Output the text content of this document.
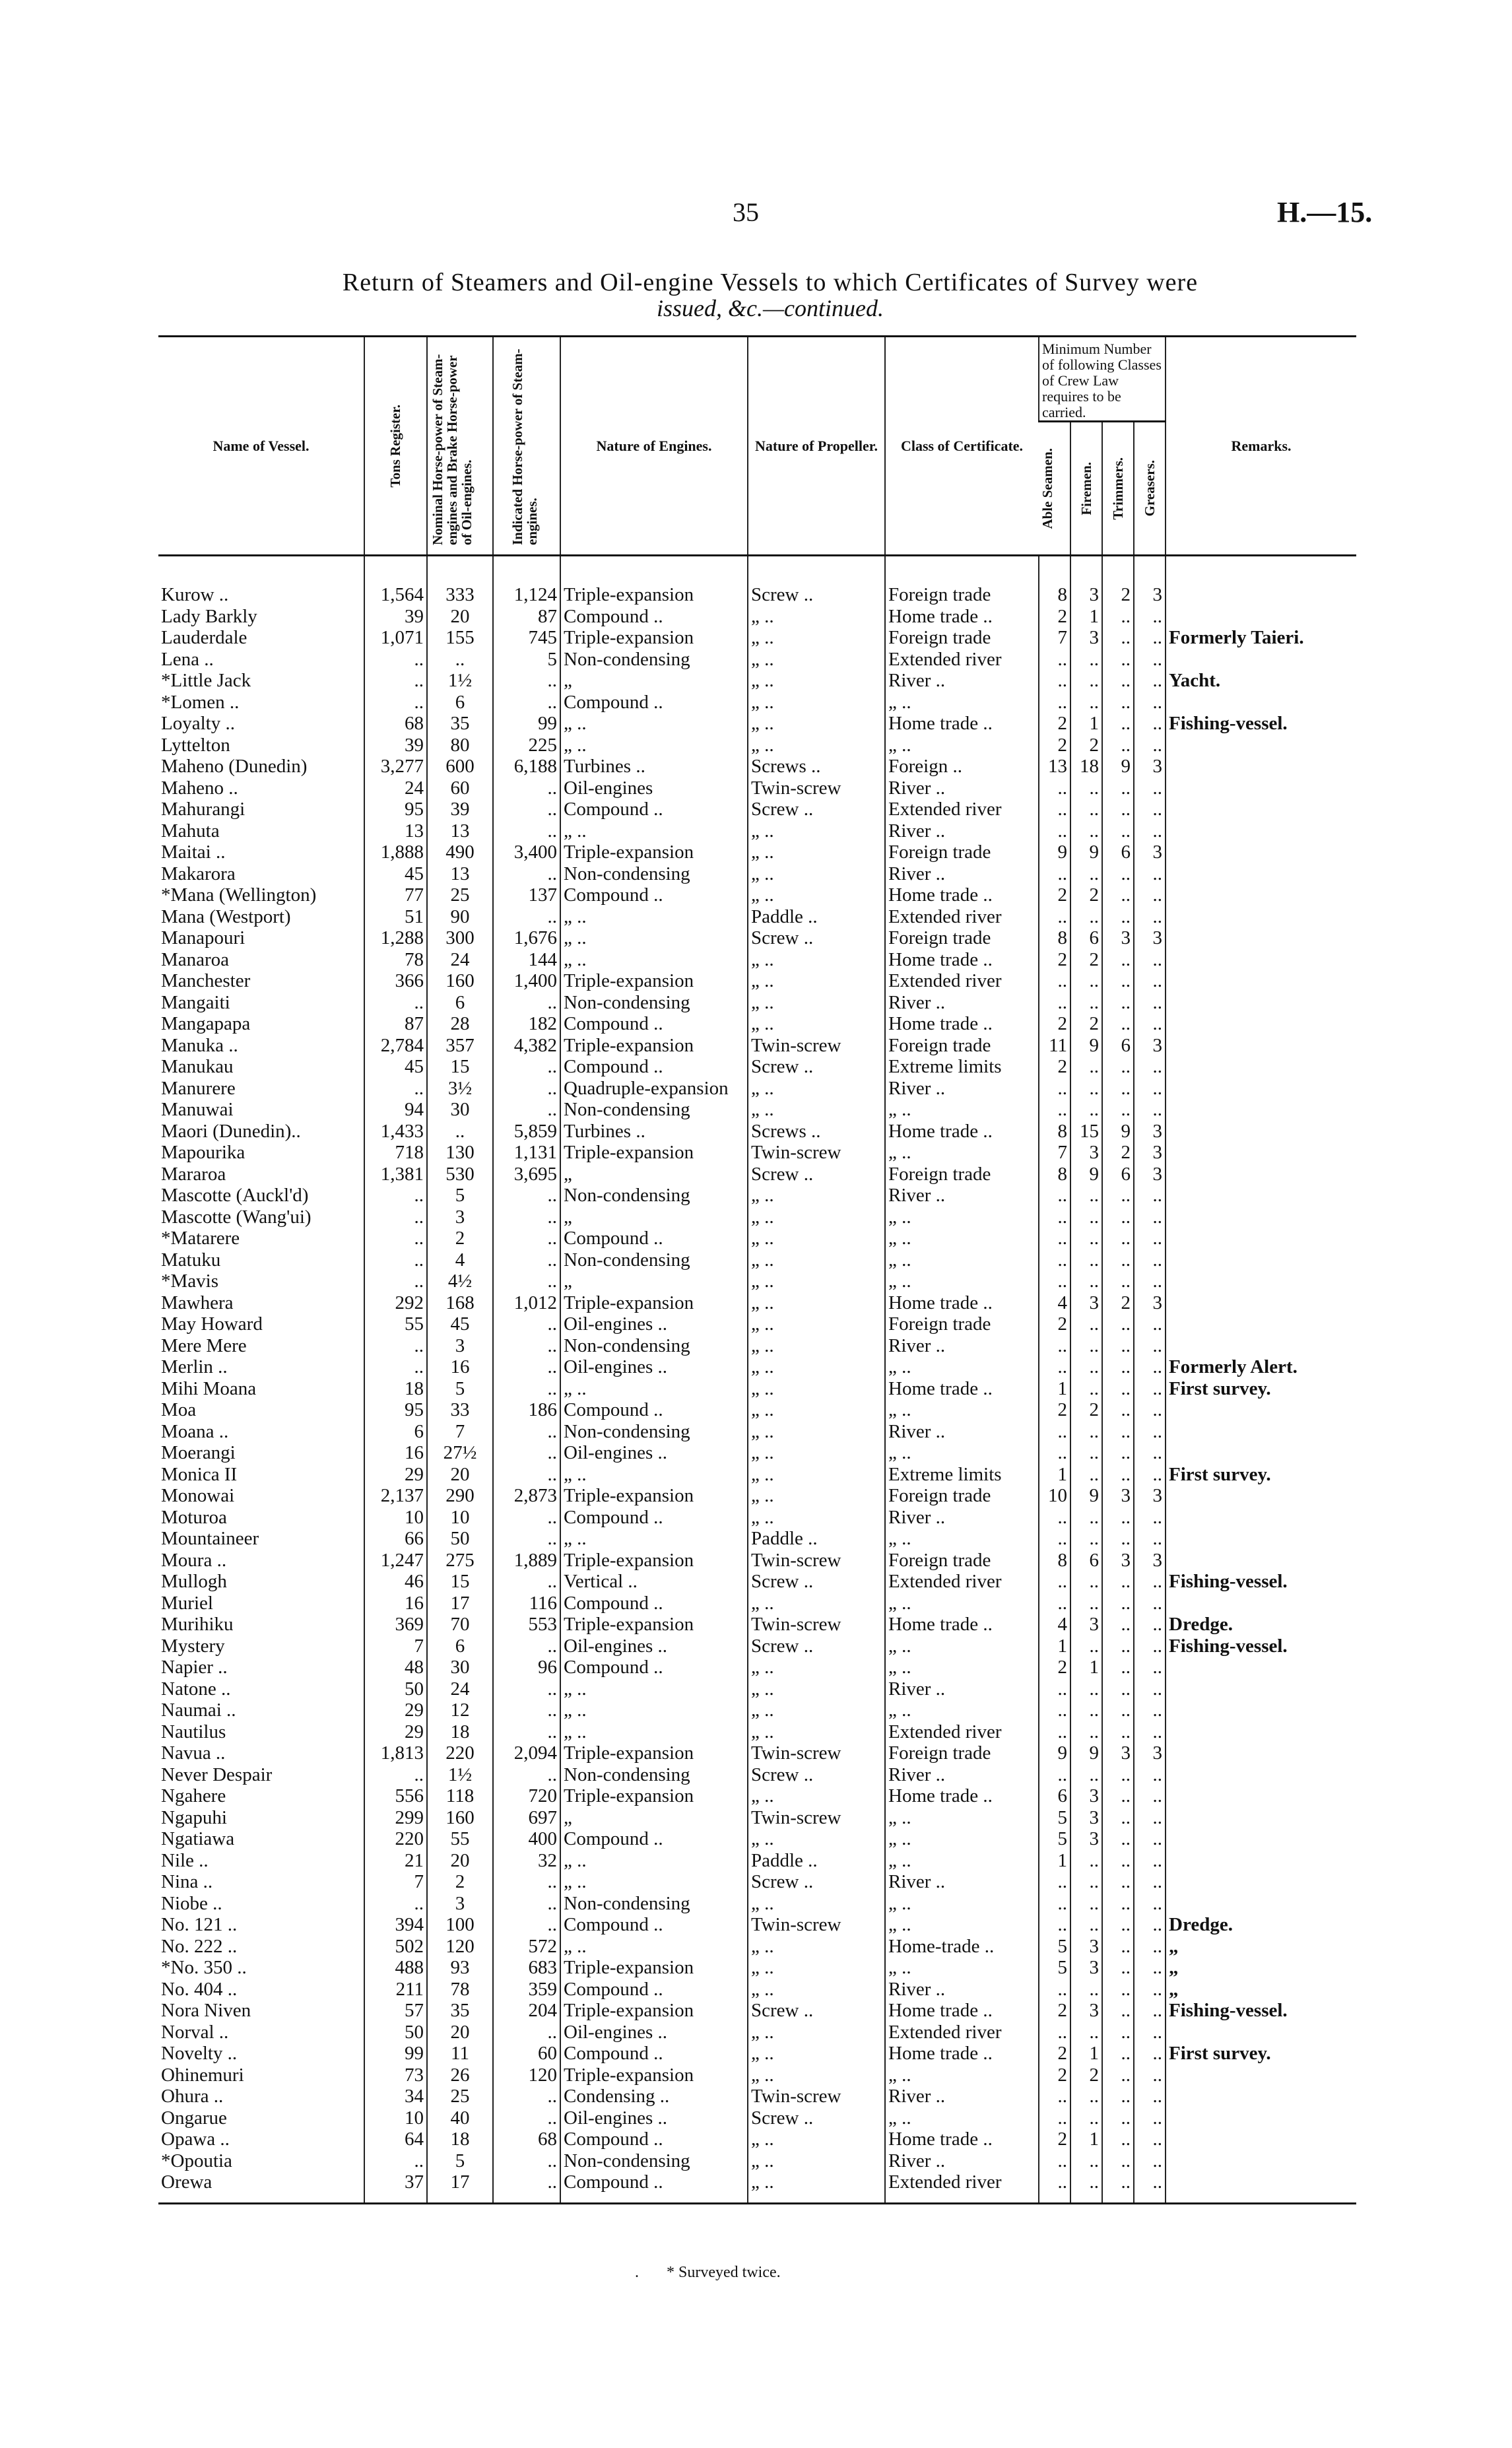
35	H.—15.
Return of Steamers and Oil-engine Vessels to which Certificates of Survey were
issued, &c.—continued.
Name of Vessel.	Tons Register.	Nominal Horse-power of Steam-engines and Brake Horse-power of Oil-engines.	Indicated Horse-power of Steam-engines.	Nature of Engines.	Nature of Propeller.	Class of Certificate.	Minimum Number of following Classes of Crew Law requires to be carried.				Remarks.

							Able Seamen.	Firemen.	Trimmers.	Greasers.	

Kurow ..	1,564	333	1,124	Triple-expansion	Screw ..	Foreign trade	8	3	2	3	
Lady Barkly	39	20	87	Compound ..	„ ..	Home trade ..	2	1	..	..	
Lauderdale	1,071	155	745	Triple-expansion	„ ..	Foreign trade	7	3	..	..	Formerly Taieri.
Lena ..	..	..	5	Non-condensing	„ ..	Extended river	..	..	..	..	
*Little Jack	..	1½	..	„	„ ..	River ..	..	..	..	..	Yacht.
*Lomen ..	..	6	..	Compound ..	„ ..	„ ..	..	..	..	..	
Loyalty ..	68	35	99	„ ..	„ ..	Home trade ..	2	1	..	..	Fishing-vessel.
Lyttelton	39	80	225	„ ..	„ ..	„ ..	2	2	..	..	
Maheno (Dunedin)	3,277	600	6,188	Turbines ..	Screws ..	Foreign ..	13	18	9	3	
Maheno ..	24	60	..	Oil-engines	Twin-screw	River ..	..	..	..	..	
Mahurangi	95	39	..	Compound ..	Screw ..	Extended river	..	..	..	..	
Mahuta	13	13	..	„ ..	„ ..	River ..	..	..	..	..	
Maitai ..	1,888	490	3,400	Triple-expansion	„ ..	Foreign trade	9	9	6	3	
Makarora	45	13	..	Non-condensing	„ ..	River ..	..	..	..	..	
*Mana (Wellington)	77	25	137	Compound ..	„ ..	Home trade ..	2	2	..	..	
Mana (Westport)	51	90	..	„ ..	Paddle ..	Extended river	..	..	..	..	
Manapouri	1,288	300	1,676	„ ..	Screw ..	Foreign trade	8	6	3	3	
Manaroa	78	24	144	„ ..	„ ..	Home trade ..	2	2	..	..	
Manchester	366	160	1,400	Triple-expansion	„ ..	Extended river	..	..	..	..	
Mangaiti	..	6	..	Non-condensing	„ ..	River ..	..	..	..	..	
Mangapapa	87	28	182	Compound ..	„ ..	Home trade ..	2	2	..	..	
Manuka ..	2,784	357	4,382	Triple-expansion	Twin-screw	Foreign trade	11	9	6	3	
Manukau	45	15	..	Compound ..	Screw ..	Extreme limits	2	..	..	..	
Manurere	..	3½	..	Quadruple-expansion	„ ..	River ..	..	..	..	..	
Manuwai	94	30	..	Non-condensing	„ ..	„ ..	..	..	..	..	
Maori (Dunedin)..	1,433	..	5,859	Turbines ..	Screws ..	Home trade ..	8	15	9	3	
Mapourika	718	130	1,131	Triple-expansion	Twin-screw	„ ..	7	3	2	3	
Mararoa	1,381	530	3,695	„	Screw ..	Foreign trade	8	9	6	3	
Mascotte (Auckl'd)	..	5	..	Non-condensing	„ ..	River ..	..	..	..	..	
Mascotte (Wang'ui)	..	3	..	„	„ ..	„ ..	..	..	..	..	
*Matarere	..	2	..	Compound ..	„ ..	„ ..	..	..	..	..	
Matuku	..	4	..	Non-condensing	„ ..	„ ..	..	..	..	..	
*Mavis	..	4½	..	„	„ ..	„ ..	..	..	..	..	
Mawhera	292	168	1,012	Triple-expansion	„ ..	Home trade ..	4	3	2	3	
May Howard	55	45	..	Oil-engines ..	„ ..	Foreign trade	2	..	..	..	
Mere Mere	..	3	..	Non-condensing	„ ..	River ..	..	..	..	..	
Merlin ..	..	16	..	Oil-engines ..	„ ..	„ ..	..	..	..	..	Formerly Alert.
Mihi Moana	18	5	..	„ ..	„ ..	Home trade ..	1	..	..	..	First survey.
Moa	95	33	186	Compound ..	„ ..	„ ..	2	2	..	..	
Moana ..	6	7	..	Non-condensing	„ ..	River ..	..	..	..	..	
Moerangi	16	27½	..	Oil-engines ..	„ ..	„ ..	..	..	..	..	
Monica II	29	20	..	„ ..	„ ..	Extreme limits	1	..	..	..	First survey.
Monowai	2,137	290	2,873	Triple-expansion	„ ..	Foreign trade	10	9	3	3	
Moturoa	10	10	..	Compound ..	„ ..	River ..	..	..	..	..	
Mountaineer	66	50	..	„ ..	Paddle ..	„ ..	..	..	..	..	
Moura ..	1,247	275	1,889	Triple-expansion	Twin-screw	Foreign trade	8	6	3	3	
Mullogh	46	15	..	Vertical ..	Screw ..	Extended river	..	..	..	..	Fishing-vessel.
Muriel	16	17	116	Compound ..	„ ..	„ ..	..	..	..	..	
Murihiku	369	70	553	Triple-expansion	Twin-screw	Home trade ..	4	3	..	..	Dredge.
Mystery	7	6	..	Oil-engines ..	Screw ..	„ ..	1	..	..	..	Fishing-vessel.
Napier ..	48	30	96	Compound ..	„ ..	„ ..	2	1	..	..	
Natone ..	50	24	..	„ ..	„ ..	River ..	..	..	..	..	
Naumai ..	29	12	..	„ ..	„ ..	„ ..	..	..	..	..	
Nautilus	29	18	..	„ ..	„ ..	Extended river	..	..	..	..	
Navua ..	1,813	220	2,094	Triple-expansion	Twin-screw	Foreign trade	9	9	3	3	
Never Despair	..	1½	..	Non-condensing	Screw ..	River ..	..	..	..	..	
Ngahere	556	118	720	Triple-expansion	„ ..	Home trade ..	6	3	..	..	
Ngapuhi	299	160	697	„	Twin-screw	„ ..	5	3	..	..	
Ngatiawa	220	55	400	Compound ..	„ ..	„ ..	5	3	..	..	
Nile ..	21	20	32	„ ..	Paddle ..	„ ..	1	..	..	..	
Nina ..	7	2	..	„ ..	Screw ..	River ..	..	..	..	..	
Niobe ..	..	3	..	Non-condensing	„ ..	„ ..	..	..	..	..	
No. 121 ..	394	100	..	Compound ..	Twin-screw	„ ..	..	..	..	..	Dredge.
No. 222 ..	502	120	572	„ ..	„ ..	Home-trade ..	5	3	..	..	„
*No. 350 ..	488	93	683	Triple-expansion	„ ..	„ ..	5	3	..	..	„
No. 404 ..	211	78	359	Compound ..	„ ..	River ..	..	..	..	..	„
Nora Niven	57	35	204	Triple-expansion	Screw ..	Home trade ..	2	3	..	..	Fishing-vessel.
Norval ..	50	20	..	Oil-engines ..	„ ..	Extended river	..	..	..	..	
Novelty ..	99	11	60	Compound ..	„ ..	Home trade ..	2	1	..	..	First survey.
Ohinemuri	73	26	120	Triple-expansion	„ ..	„ ..	2	2	..	..	
Ohura ..	34	25	..	Condensing ..	Twin-screw	River ..	..	..	..	..	
Ongarue	10	40	..	Oil-engines ..	Screw ..	„ ..	..	..	..	..	
Opawa ..	64	18	68	Compound ..	„ ..	Home trade ..	2	1	..	..	
*Opoutia	..	5	..	Non-condensing	„ ..	River ..	..	..	..	..	
Orewa	37	17	..	Compound ..	„ ..	Extended river	..	..	..	..	
. * Surveyed twice.
